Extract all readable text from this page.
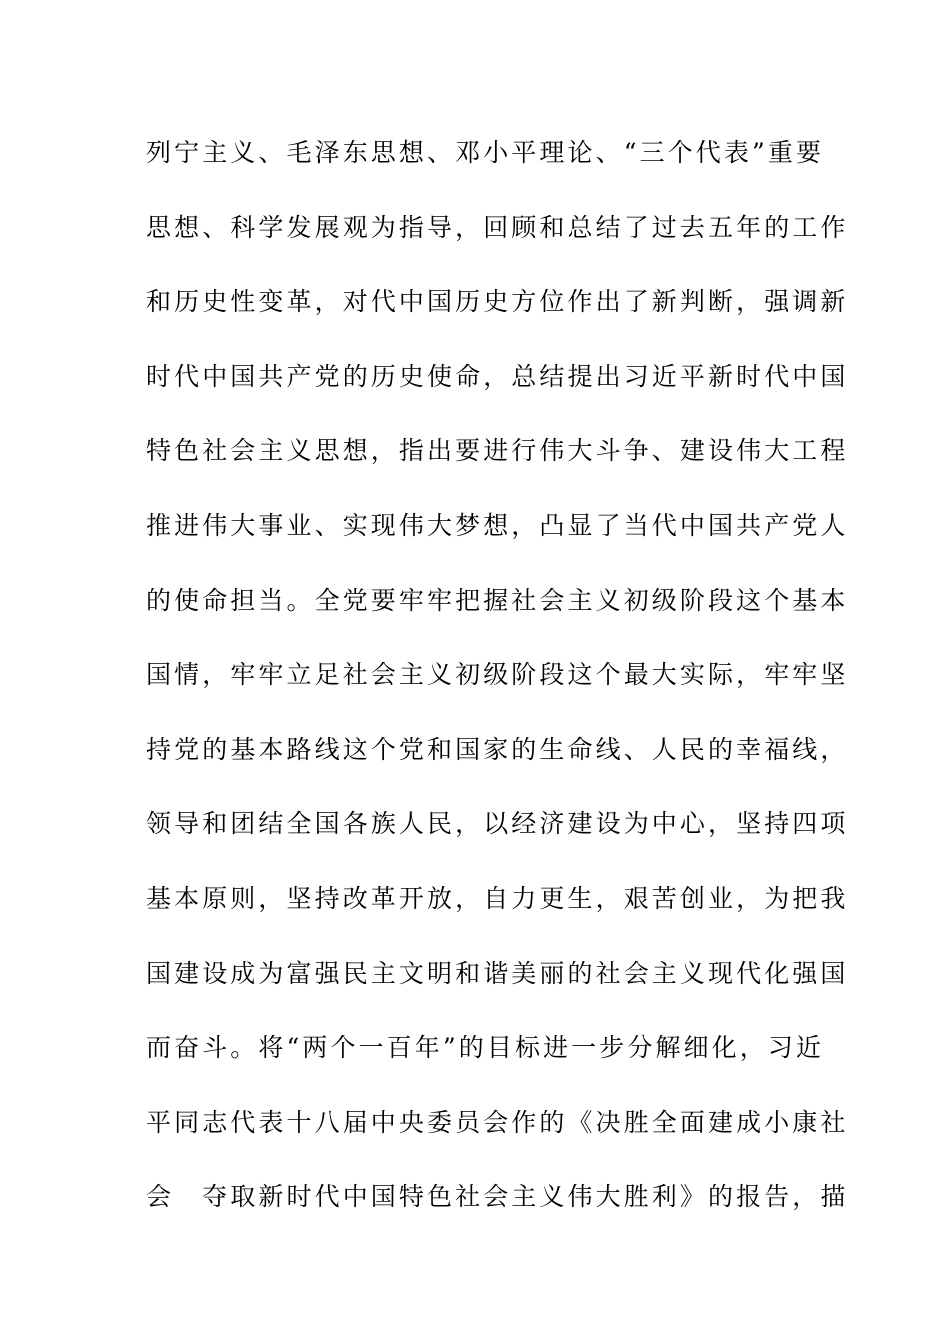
列宁主义、毛泽东思想、邓小平理论、“三个代表”重要
思想、科学发展观为指导，回顾和总结了过去五年的工作
和历史性变革，对代中国历史方位作出了新判断，强调新
时代中国共产党的历史使命，总结提出习近平新时代中国
特色社会主义思想，指出要进行伟大斗争、建设伟大工程
推进伟大事业、实现伟大梦想，凸显了当代中国共产党人
的使命担当。全党要牢牢把握社会主义初级阶段这个基本
国情，牢牢立足社会主义初级阶段这个最大实际，牢牢坚
持党的基本路线这个党和国家的生命线、人民的幸福线，
领导和团结全国各族人民，以经济建设为中心，坚持四项
基本原则，坚持改革开放，自力更生，艰苦创业，为把我
国建设成为富强民主文明和谐美丽的社会主义现代化强国
而奋斗。将“两个一百年”的目标进一步分解细化，习近
平同志代表十八届中央委员会作的《决胜全面建成小康社
会　夺取新时代中国特色社会主义伟大胜利》的报告，描
